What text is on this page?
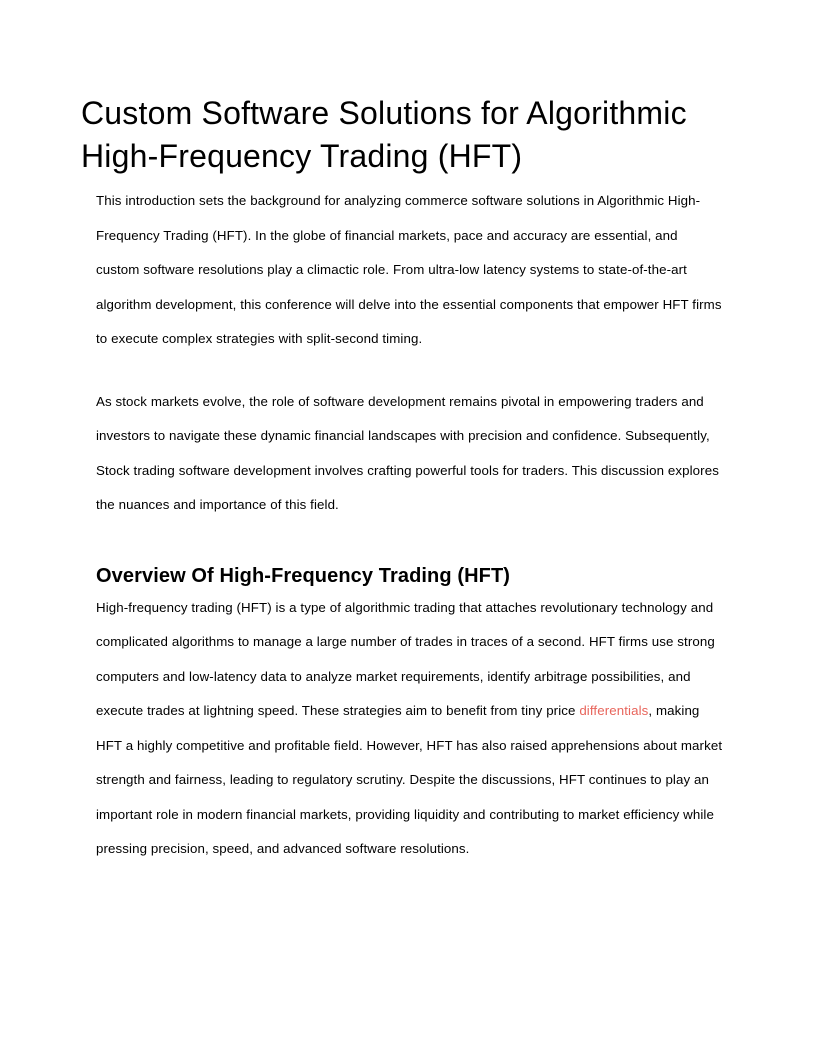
Custom Software Solutions for Algorithmic High-Frequency Trading (HFT)

This introduction sets the background for analyzing commerce software solutions in Algorithmic High-Frequency Trading (HFT). In the globe of financial markets, pace and accuracy are essential, and custom software resolutions play a climactic role. From ultra-low latency systems to state-of-the-art algorithm development, this conference will delve into the essential components that empower HFT firms to execute complex strategies with split-second timing.

As stock markets evolve, the role of software development remains pivotal in empowering traders and investors to navigate these dynamic financial landscapes with precision and confidence. Subsequently, Stock trading software development involves crafting powerful tools for traders. This discussion explores the nuances and importance of this field.

Overview Of High-Frequency Trading (HFT)

High-frequency trading (HFT) is a type of algorithmic trading that attaches revolutionary technology and complicated algorithms to manage a large number of trades in traces of a second. HFT firms use strong computers and low-latency data to analyze market requirements, identify arbitrage possibilities, and execute trades at lightning speed. These strategies aim to benefit from tiny price differentials, making HFT a highly competitive and profitable field. However, HFT has also raised apprehensions about market strength and fairness, leading to regulatory scrutiny. Despite the discussions, HFT continues to play an important role in modern financial markets, providing liquidity and contributing to market efficiency while pressing precision, speed, and advanced software resolutions.
